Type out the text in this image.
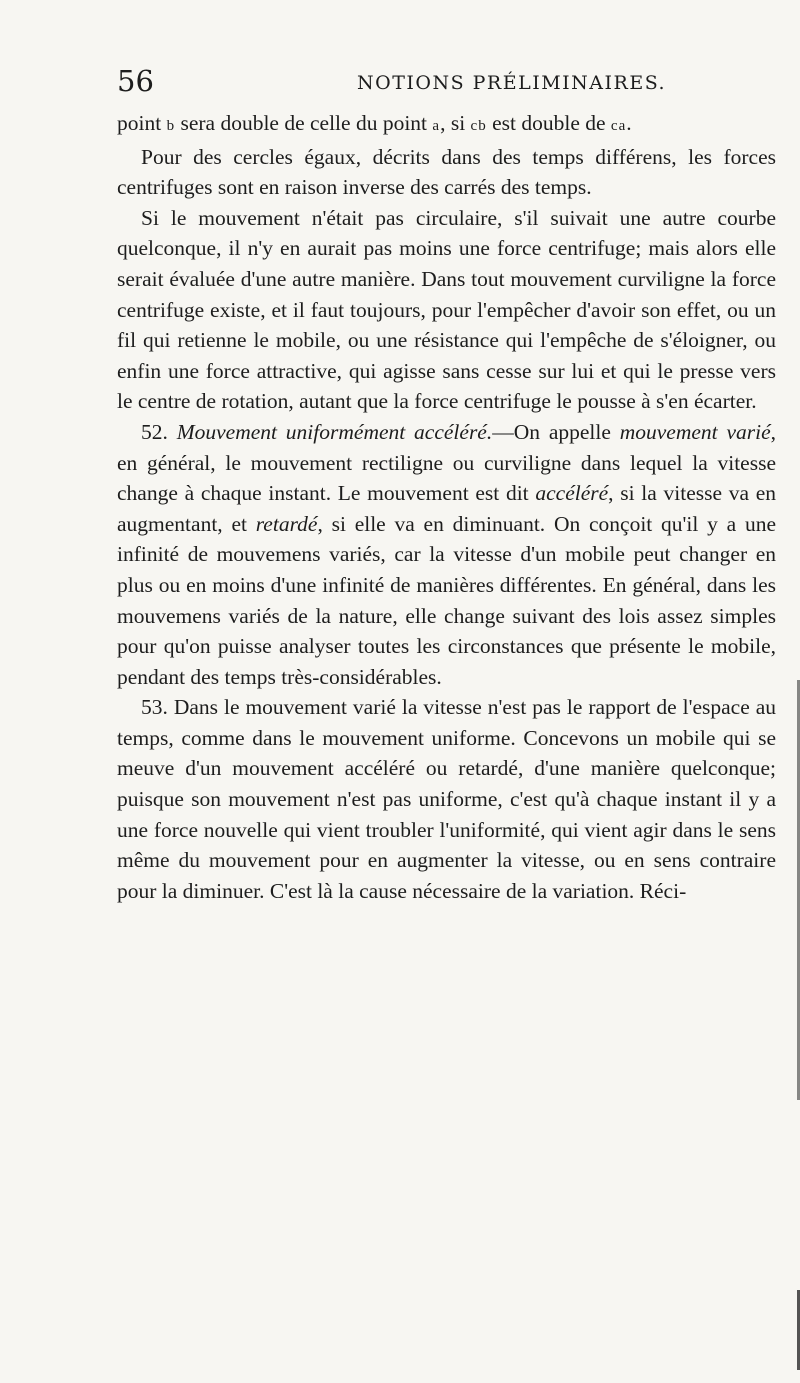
56	NOTIONS PRÉLIMINAIRES.

point b sera double de celle du point a, si cb est double de ca.

Pour des cercles égaux, décrits dans des temps différens, les forces centrifuges sont en raison inverse des carrés des temps.

Si le mouvement n'était pas circulaire, s'il suivait une autre courbe quelconque, il n'y en aurait pas moins une force centrifuge; mais alors elle serait évaluée d'une autre manière. Dans tout mouvement curviligne la force centrifuge existe, et il faut toujours, pour l'empêcher d'avoir son effet, ou un fil qui retienne le mobile, ou une résistance qui l'empêche de s'éloigner, ou enfin une force attractive, qui agisse sans cesse sur lui et qui le presse vers le centre de rotation, autant que la force centrifuge le pousse à s'en écarter.

52. Mouvement uniformément accéléré.—On appelle mouvement varié, en général, le mouvement rectiligne ou curviligne dans lequel la vitesse change à chaque instant. Le mouvement est dit accéléré, si la vitesse va en augmentant, et retardé, si elle va en diminuant. On conçoit qu'il y a une infinité de mouvemens variés, car la vitesse d'un mobile peut changer en plus ou en moins d'une infinité de manières différentes. En général, dans les mouvemens variés de la nature, elle change suivant des lois assez simples pour qu'on puisse analyser toutes les circonstances que présente le mobile, pendant des temps très-considérables.

53. Dans le mouvement varié la vitesse n'est pas le rapport de l'espace au temps, comme dans le mouvement uniforme. Concevons un mobile qui se meuve d'un mouvement accéléré ou retardé, d'une manière quelconque; puisque son mouvement n'est pas uniforme, c'est qu'à chaque instant il y a une force nouvelle qui vient troubler l'uniformité, qui vient agir dans le sens même du mouvement pour en augmenter la vitesse, ou en sens contraire pour la diminuer. C'est là la cause nécessaire de la variation. Réci-
